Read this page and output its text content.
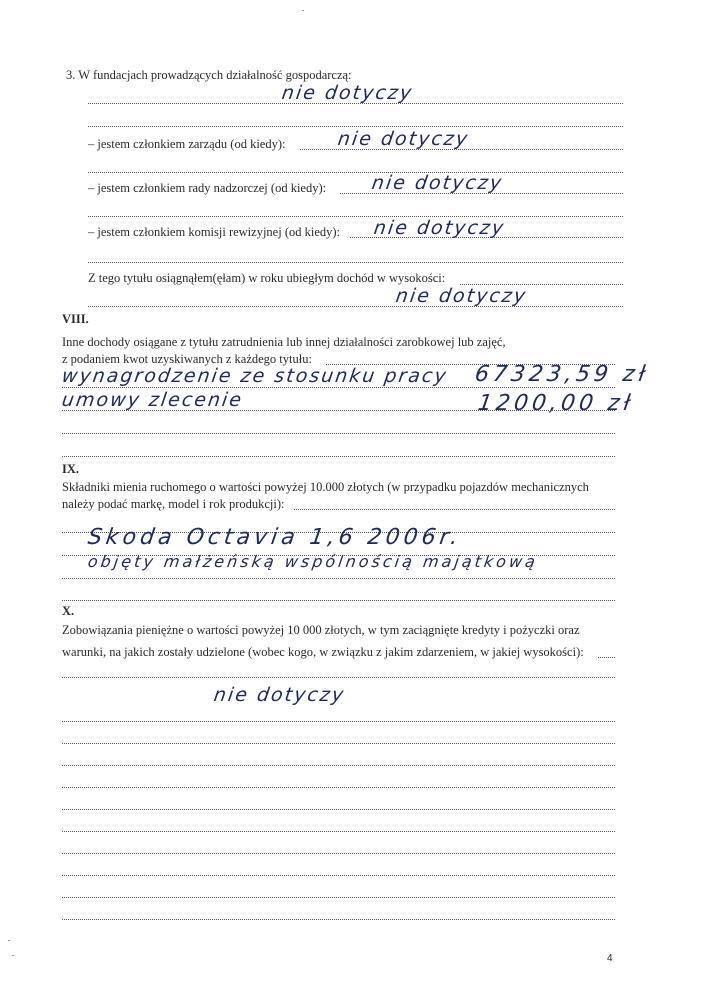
3. W fundacjach prowadzących działalność gospodarczą:
nie dotyczy
– jestem członkiem zarządu (od kiedy):	nie dotyczy
– jestem członkiem rady nadzorczej (od kiedy): nie dotyczy
– jestem członkiem komisji rewizyjnej (od kiedy): nie dotyczy
Z tego tytułu osiągnąłem(ęłam) w roku ubiegłym dochód w wysokości:
nie dotyczy
VIII.
Inne dochody osiągane z tytułu zatrudnienia lub innej działalności zarobkowej lub zajęć,
z podaniem kwot uzyskiwanych z każdego tytułu:
wynagrodzenie ze stosunku pracy 67323,59 zł
umowy zlecenie	1200,00 zł
IX.
Składniki mienia ruchomego o wartości powyżej 10.000 złotych (w przypadku pojazdów mechanicznych
należy podać markę, model i rok produkcji):
Skoda Octavia 1,6 2006r.
objęty małżeńską wspólnością majątkową
X.
Zobowiązania pieniężne o wartości powyżej 10 000 złotych, w tym zaciągnięte kredyty i pożyczki oraz
warunki, na jakich zostały udzielone (wobec kogo, w związku z jakim zdarzeniem, w jakiej wysokości):
nie dotyczy
4
